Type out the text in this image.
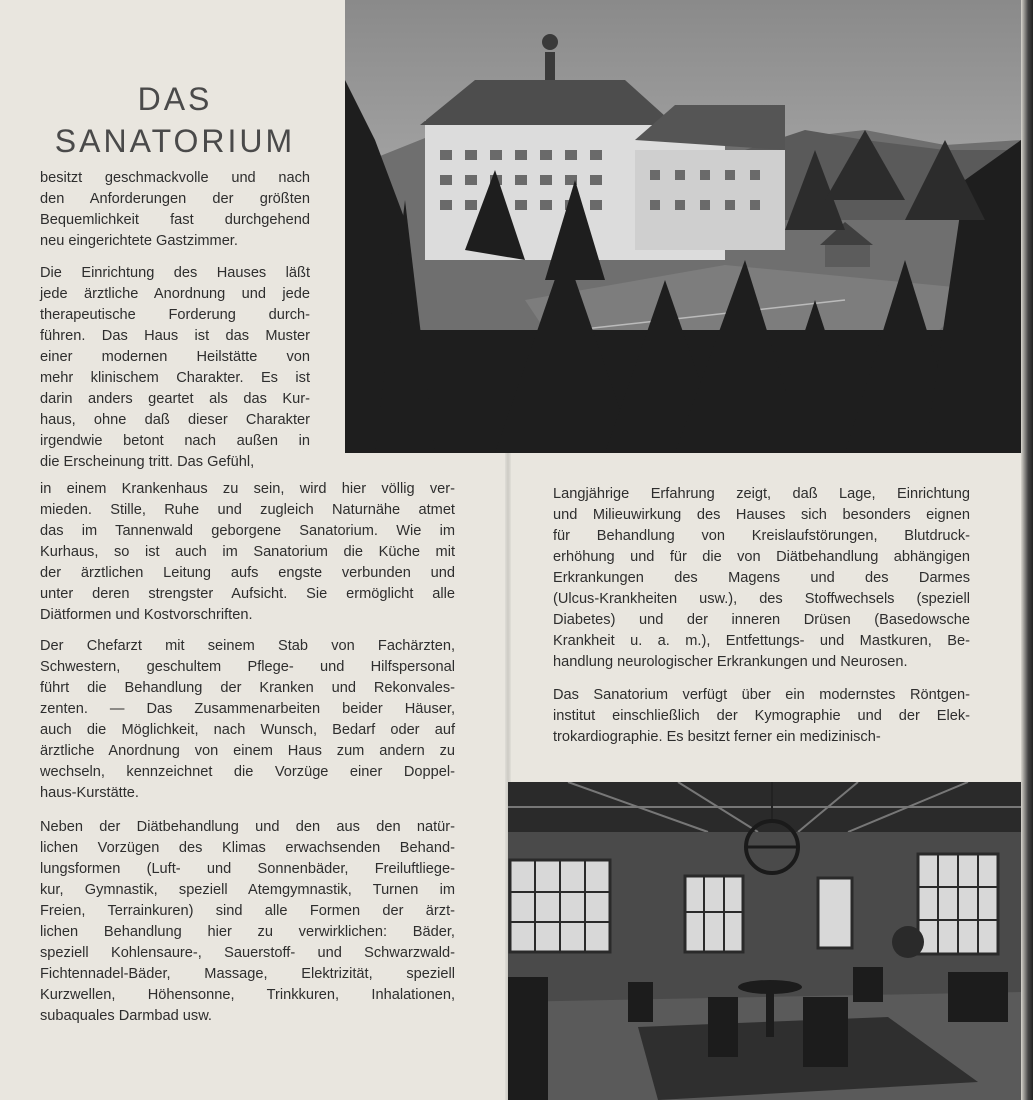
DAS
SANATORIUM
besitzt geschmackvolle und nach
den Anforderungen der größten
Bequemlichkeit fast durchgehend
neu eingerichtete Gastzimmer.
Die Einrichtung des Hauses läßt
jede ärztliche Anordnung und jede
therapeutische Forderung durch-
führen. Das Haus ist das Muster
einer modernen Heilstätte von
mehr klinischem Charakter. Es ist
darin anders geartet als das Kur-
haus, ohne daß dieser Charakter
irgendwie betont nach außen in
die Erscheinung tritt. Das Gefühl,
in einem Krankenhaus zu sein, wird hier völlig ver-
mieden. Stille, Ruhe und zugleich Naturnähe atmet
das im Tannenwald geborgene Sanatorium. Wie im
Kurhaus, so ist auch im Sanatorium die Küche mit
der ärztlichen Leitung aufs engste verbunden und
unter deren strengster Aufsicht. Sie ermöglicht alle
Diätformen und Kostvorschriften.
Der Chefarzt mit seinem Stab von Fachärzten,
Schwestern, geschultem Pflege- und Hilfspersonal
führt die Behandlung der Kranken und Rekonvales-
zenten. — Das Zusammenarbeiten beider Häuser,
auch die Möglichkeit, nach Wunsch, Bedarf oder auf
ärztliche Anordnung von einem Haus zum andern zu
wechseln, kennzeichnet die Vorzüge einer Doppel-
haus-Kurstätte.
Neben der Diätbehandlung und den aus den natür-
lichen Vorzügen des Klimas erwachsenden Behand-
lungsformen (Luft- und Sonnenbäder, Freiluftliege-
kur, Gymnastik, speziell Atemgymnastik, Turnen im
Freien, Terrainkuren) sind alle Formen der ärzt-
lichen Behandlung hier zu verwirklichen: Bäder,
speziell Kohlensaure-, Sauerstoff- und Schwarzwald-
Fichtennadel-Bäder, Massage, Elektrizität, speziell
Kurzwellen, Höhensonne, Trinkkuren, Inhalationen,
subaquales Darmbad usw.
Langjährige Erfahrung zeigt, daß Lage, Einrichtung
und Milieuwirkung des Hauses sich besonders eignen
für Behandlung von Kreislaufstörungen, Blutdruck-
erhöhung und für die von Diätbehandlung abhängigen
Erkrankungen des Magens und des Darmes
(Ulcus-Krankheiten usw.), des Stoffwechsels (speziell
Diabetes) und der inneren Drüsen (Basedowsche
Krankheit u. a. m.), Entfettungs- und Mastkuren, Be-
handlung neurologischer Erkrankungen und Neurosen.
Das Sanatorium verfügt über ein modernstes Röntgen-
institut einschließlich der Kymographie und der Elek-
trokardiographie. Es besitzt ferner ein medizinisch-
